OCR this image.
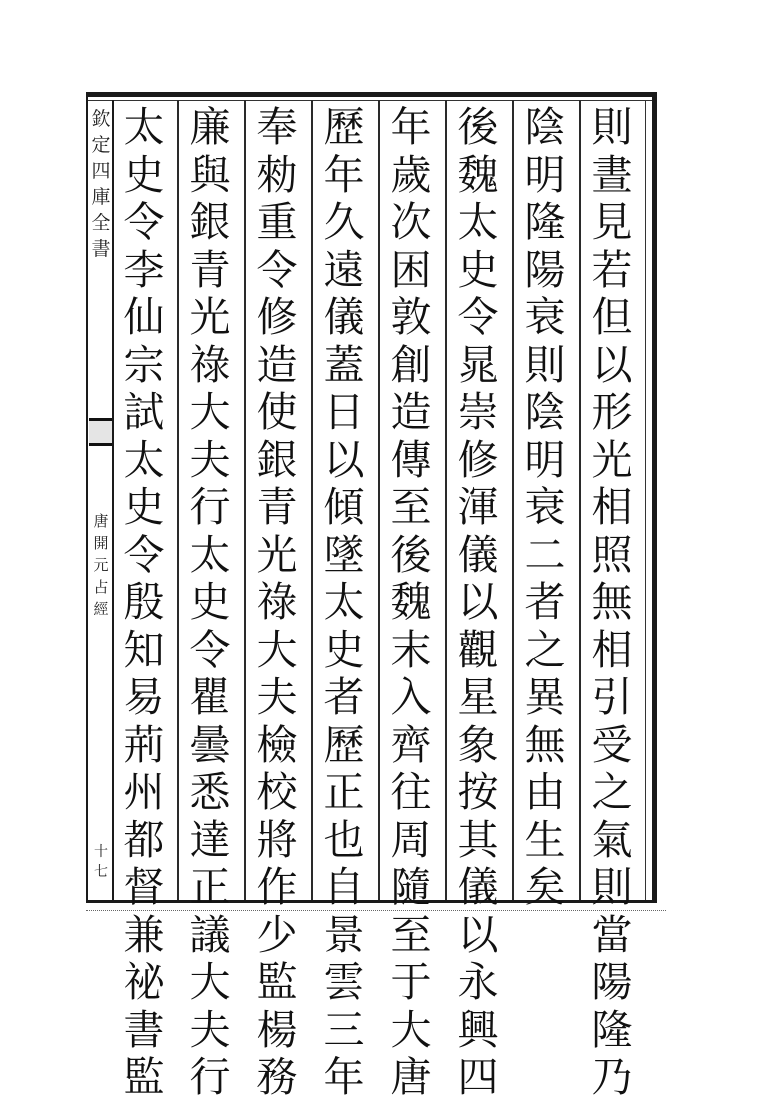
欽定四庫全書
唐開元占經
十七
則晝見若但以形光相照無相引受之氣則當陽隆乃
陰明隆陽衰則陰明衰二者之異無由生矣
後魏太史令晁崇修渾儀以觀星象按其儀以永興四
年歲次困敦創造傳至後魏末入齊往周隨至于大唐
歷年久遠儀蓋日以傾墜太史者歷正也自景雲三年
奉勑重令修造使銀青光祿大夫檢校將作少監楊務
廉與銀青光祿大夫行太史令瞿曇悉達正議大夫行
太史令李仙宗試太史令殷知易荊州都督兼祕書監
